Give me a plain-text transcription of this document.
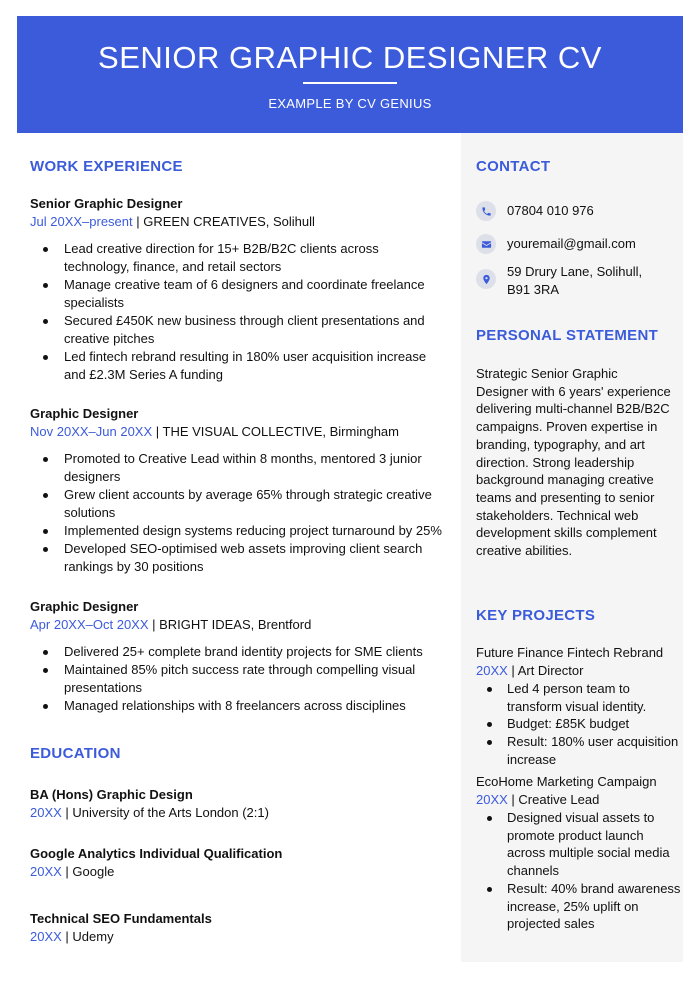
SENIOR GRAPHIC DESIGNER CV
EXAMPLE BY CV GENIUS
WORK EXPERIENCE
Senior Graphic Designer
Jul 20XX–present | GREEN CREATIVES, Solihull
Lead creative direction for 15+ B2B/B2C clients across technology, finance, and retail sectors
Manage creative team of 6 designers and coordinate freelance specialists
Secured £450K new business through client presentations and creative pitches
Led fintech rebrand resulting in 180% user acquisition increase and £2.3M Series A funding
Graphic Designer
Nov 20XX–Jun 20XX | THE VISUAL COLLECTIVE, Birmingham
Promoted to Creative Lead within 8 months, mentored 3 junior designers
Grew client accounts by average 65% through strategic creative solutions
Implemented design systems reducing project turnaround by 25%
Developed SEO-optimised web assets improving client search rankings by 30 positions
Graphic Designer
Apr 20XX–Oct 20XX | BRIGHT IDEAS, Brentford
Delivered 25+ complete brand identity projects for SME clients
Maintained 85% pitch success rate through compelling visual presentations
Managed relationships with 8 freelancers across disciplines
EDUCATION
BA (Hons) Graphic Design
20XX | University of the Arts London (2:1)
Google Analytics Individual Qualification
20XX | Google
Technical SEO Fundamentals
20XX | Udemy
CONTACT
07804 010 976
youremail@gmail.com
59 Drury Lane, Solihull,
B91 3RA
PERSONAL STATEMENT
Strategic Senior Graphic Designer with 6 years' experience delivering multi-channel B2B/B2C campaigns. Proven expertise in branding, typography, and art direction. Strong leadership background managing creative teams and presenting to senior stakeholders. Technical web development skills complement creative abilities.
KEY PROJECTS
Future Finance Fintech Rebrand
20XX | Art Director
Led 4 person team to transform visual identity.
Budget: £85K budget
Result: 180% user acquisition increase
EcoHome Marketing Campaign
20XX | Creative Lead
Designed visual assets to promote product launch across multiple social media channels
Result: 40% brand awareness increase, 25% uplift on projected sales
